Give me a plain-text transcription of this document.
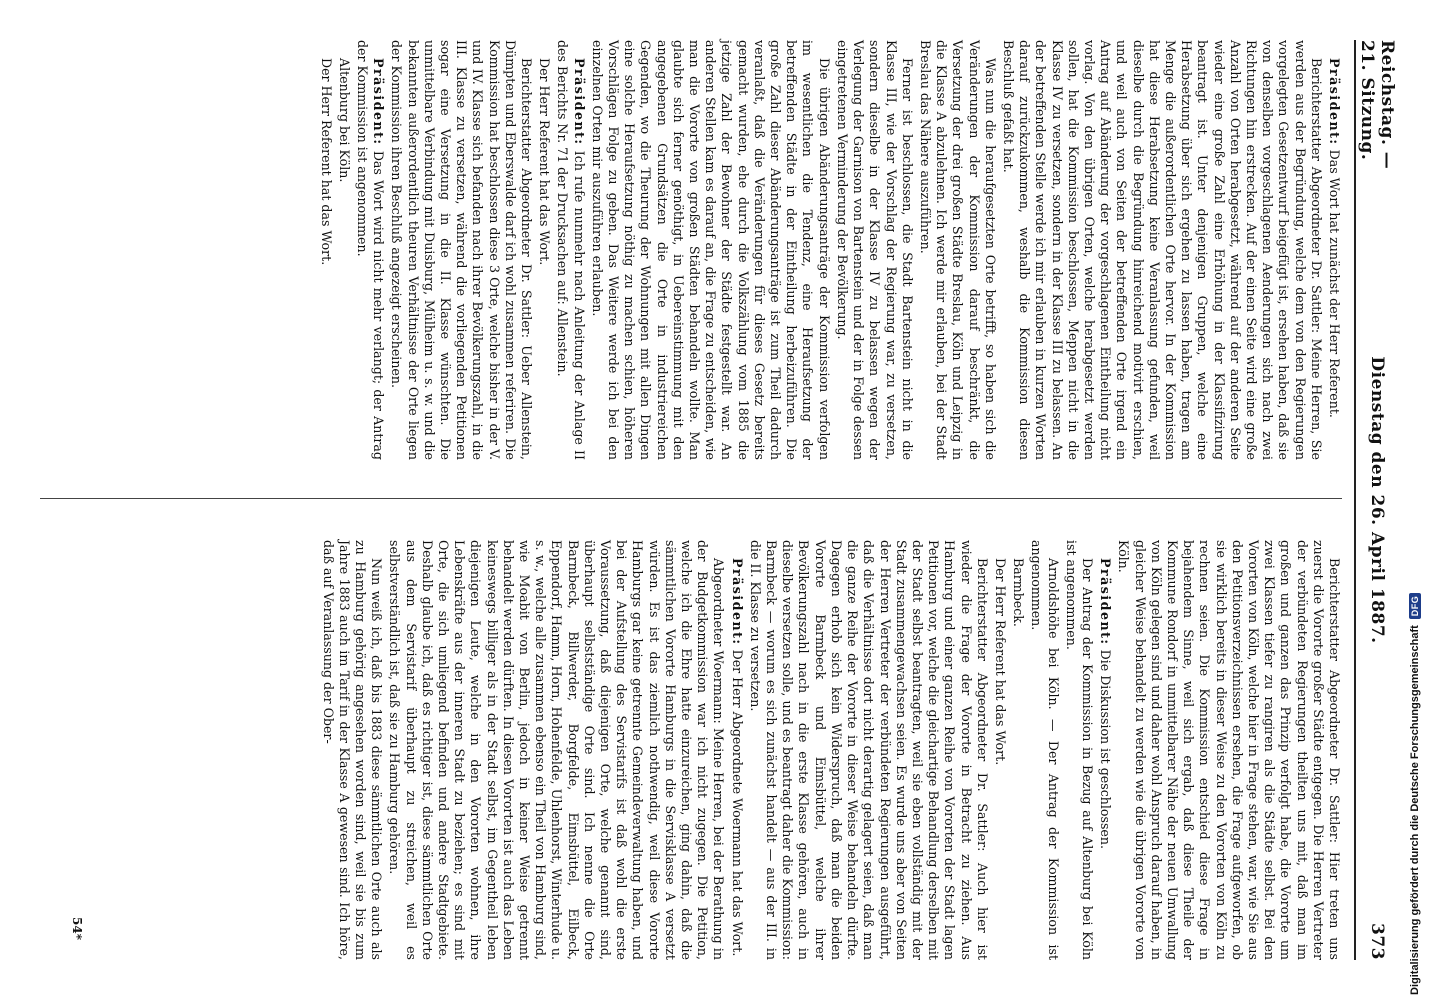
Reichstag. — 21. Sitzung.
Dienstag den 26. April 1887.
373

Präsident: Das Wort hat zunächst der Herr Referent.

Berichterstatter Abgeordneter Dr. Sattler: Meine Herren, Sie werden aus der Begründung, welche dem von den Regierungen vorgelegten Gesetzentwurf beigefügt ist, ersehen haben, daß sie von denselben vorgeschlagenen Aenderungen sich nach zwei Richtungen hin erstrecken. Auf der einen Seite wird eine große Anzahl von Orten herabgesetzt, während auf der anderen Seite wieder eine große Zahl eine Erhöhung in der Klassifizirung beantragt ist. Unter denjenigen Gruppen, welche eine Herabsetzung über sich ergehen zu lassen haben, tragen am Menge die außerordentlichen Orte hervor. In der Kommission hat diese Herabsetzung keine Veranlassung gefunden, weil dieselbe durch die Begründung hinreichend motivirt erschien, und weil auch von Seiten der betreffenden Orte irgend ein Antrag auf Abänderung der vorgeschlagenen Eintheilung nicht vorlag. Von den übrigen Orten, welche herabgesetzt werden sollen, hat die Kommission beschlossen, Meppen nicht in die Klasse IV zu versetzen, sondern in der Klasse III zu belassen. An der betreffenden Stelle werde ich mir erlauben in kurzen Worten darauf zurückzukommen, weshalb die Kommission diesen Beschluß gefaßt hat.

Was nun die heraufgesetzten Orte betrifft, so haben sich die Veränderungen der Kommission darauf beschränkt, die Versetzung der drei großen Städte Breslau, Köln und Leipzig in die Klasse A abzulehnen. Ich werde mir erlauben, bei der Stadt Breslau das Nähere auszuführen.

Ferner ist beschlossen, die Stadt Bartenstein nicht in die Klasse III, wie der Vorschlag der Regierung war, zu versetzen, sondern dieselbe in der Klasse IV zu belassen wegen der Verlegung der Garnison von Bartenstein und der in Folge dessen eingetretenen Verminderung der Bevölkerung.

Die übrigen Abänderungsanträge der Kommission verfolgen im wesentlichen die Tendenz, eine Heraufsetzung der betreffenden Städte in der Eintheilung herbeizuführen. Die große Zahl dieser Abänderungsanträge ist zum Theil dadurch veranlaßt, daß die Veränderungen für dieses Gesetz bereits gemacht wurden, ehe durch die Volkszählung vom 1885 die jetzige Zahl der Bewohner der Städte festgestellt war. An anderen Stellen kam es darauf an, die Frage zu entscheiden, wie man die Vororte von großen Städten behandeln wollte. Man glaubte sich ferner genöthigt, in Uebereinstimmung mit den angegebenen Grundsätzen die Orte in industriereichen Gegenden, wo die Theurung der Wohnungen mit allen Dingen eine solche Heraufsetzung nöthig zu machen schien, höheren Vorschlägen Folge zu geben. Das Weitere werde ich bei den einzelnen Orten mir auszuführen erlauben.

Präsident: Ich rufe nunmehr nach Anleitung der Anlage II des Berichts Nr. 71 der Drucksachen auf: Allenstein.

Der Herr Referent hat das Wort.

Berichterstatter Abgeordneter Dr. Sattler: Ueber Allenstein, Dümpten und Eberswalde darf ich wohl zusammen referiren. Die Kommission hat beschlossen diese 3 Orte, welche bisher in der V. und IV. Klasse sich befanden nach ihrer Bevölkerungszahl, in die III. Klasse zu versetzen, während die vorliegenden Petitionen sogar eine Versetzung in die II. Klasse wünschten. Die unmittelbare Verbindung mit Duisburg, Mülheim u. s. w. und die bekannten außerordentlich theuren Verhältnisse der Orte liegen der Kommission ihren Beschluß angezeigt erscheinen.

Präsident: Das Wort wird nicht mehr verlangt; der Antrag der Kommission ist angenommen.

Altenburg bei Köln.

Der Herr Referent hat das Wort.

Berichterstatter Abgeordneter Dr. Sattler: Hier treten uns zuerst die Vororte großer Städte entgegen. Die Herren Vertreter der verbündeten Regierungen theilten uns mit, daß man im großen und ganzen das Prinzip verfolgt habe, die Vororte um zwei Klassen tiefer zu rangiren als die Städte selbst. Bei den Vororten von Köln, welche hier in Frage stehen, war, wie Sie aus den Petitionsverzeichnissen ersehen, die Frage aufgeworfen, ob sie wirklich bereits in dieser Weise zu den Vororten von Köln zu rechnen seien. Die Kommission entschied diese Frage in bejahendem Sinne, weil sich ergab, daß diese Theile der Kommune Rondorf in unmittelbarer Nähe der neuen Umwallung von Köln gelegen sind und daher wohl Anspruch darauf haben, in gleicher Weise behandelt zu werden wie die übrigen Vororte von Köln.

Präsident: Die Diskussion ist geschlossen.

Der Antrag der Kommission in Bezug auf Altenburg bei Köln ist angenommen.

Arnoldshöhe bei Köln. — Der Antrag der Kommission ist angenommen.

Barmbeck.

Der Herr Referent hat das Wort.

Berichterstatter Abgeordneter Dr. Sattler: Auch hier ist wieder die Frage der Vororte in Betracht zu ziehen. Aus Hamburg und einer ganzen Reihe von Vororten der Stadt lagen Petitionen vor, welche die gleichartige Behandlung derselben mit der Stadt selbst beantragten, weil sie eben vollständig mit der Stadt zusammengewachsen seien. Es wurde uns aber von Seiten der Herren Vertreter der verbündeten Regierungen ausgeführt, daß die Verhältnisse dort nicht derartig gelagert seien, daß man die ganze Reihe der Vororte in dieser Weise behandeln dürfte. Dagegen erhob sich kein Widerspruch, daß man die beiden Vororte Barmbeck und Eimsbüttel, welche ihrer Bevölkerungszahl nach in die erste Klasse gehören, auch in dieselbe versetzen solle, und es beantragt daher die Kommission: Barmbeck — worum es sich zunächst handelt — aus der III. in die II. Klasse zu versetzen.

Präsident: Der Herr Abgeordnete Woermann hat das Wort.

Abgeordneter Woermann: Meine Herren, bei der Berathung in der Budgetkommission war ich nicht zugegen. Die Petition, welche ich die Ehre hatte einzureichen, ging dahin, daß die sämmtlichen Vororte Hamburgs in die Servisklasse A versetzt würden. Es ist das ziemlich nothwendig, weil diese Vororte Hamburgs gar keine getrennte Gemeindeverwaltung haben, und bei der Aufstellung des Servistarifs ist daß wohl die erste Voraussetzung, daß diejenigen Orte, welche genannt sind, überhaupt selbstständige Orte sind. Ich nenne die Orte Barmbeck, Billwerder, Borgfelde, Eimsbüttel, Eilbeck, Eppendorf, Hamm, Horn, Hohenfelde, Uhlenhorst, Winterhude u. s. w., welche alle zusammen ebenso ein Theil von Hamburg sind, wie Moabit von Berlin, jedoch in keiner Weise getrennt behandelt werden dürften. In diesen Vororten ist auch das Leben keineswegs billiger als in der Stadt selbst, im Gegentheil leben diejenigen Leute, welche in den Vororten wohnen, ihre Lebenskräfte aus der inneren Stadt zu beziehen; es sind mit Orte, die sich umliegend befinden und andere Stadtgebiete. Deshalb glaube ich, daß es richtiger ist, diese sämmtlichen Orte aus dem Servistarif überhaupt zu streichen, weil es selbstverständlich ist, daß sie zu Hamburg gehören.

Nun weiß ich, daß bis 1883 diese sämmtlichen Orte auch als zu Hamburg gehörig angesehen worden sind, weil sie bis zum Jahre 1883 auch im Tarif in der Klasse A gewesen sind. Ich höre, daß auf Veranlassung der Ober-

54*	Digitalisierung gefördert durch die Deutsche Forschungsgemeinschaft
DFG
